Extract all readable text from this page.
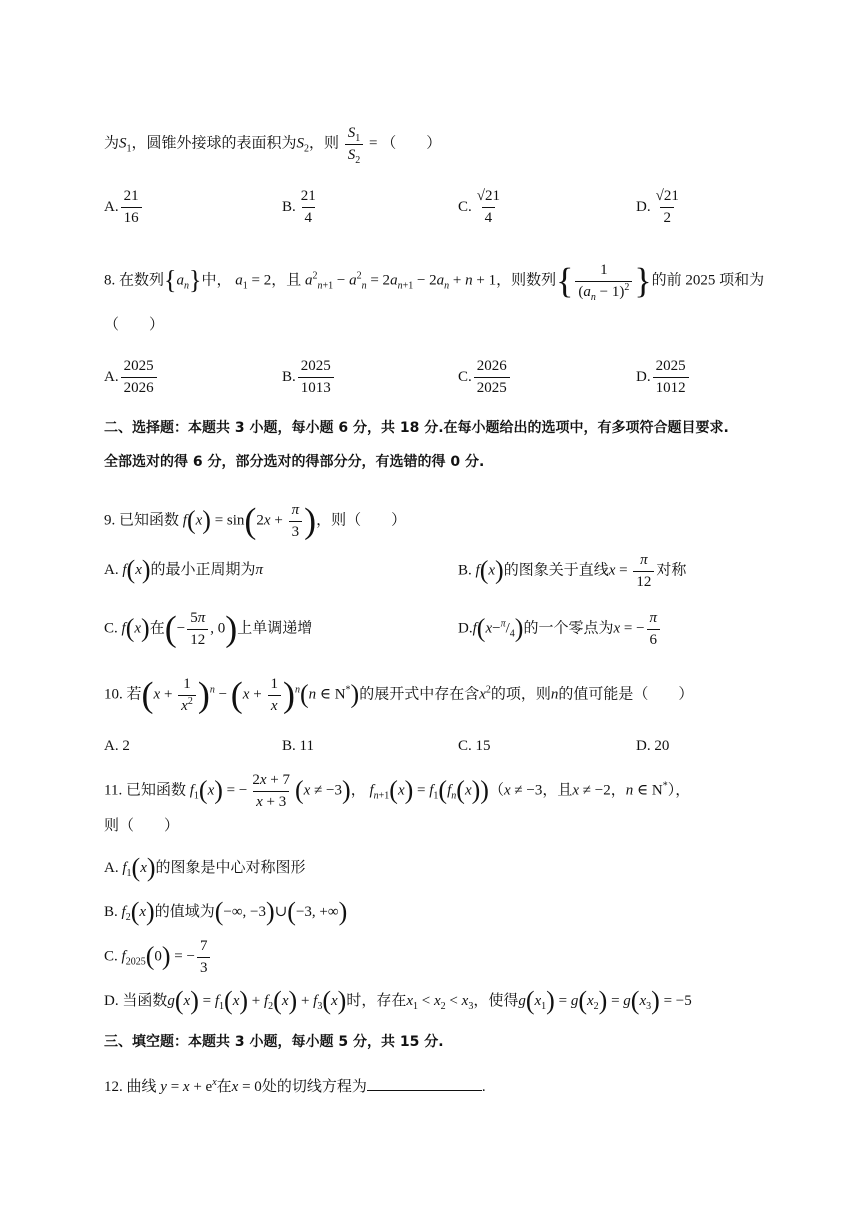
为$S_1$，圆锥外接球的表面积为$S_2$，则 $\frac{S_1}{S_2}$ = （　　）
A. $\frac{21}{16}$	B. $\frac{21}{4}$	C. $\frac{√21}{4}$	D. $\frac{√21}{2}$
8. 在数列$\{a_n\}$中， $a_1 = 2$，且 $a^2_{n+1} - a^2_n = 2a_{n+1} - 2a_n + n + 1$，则数列{ $\frac{1}{(a_n - 1)^2}$ }的前 2025 项和为
（　　）
A. $\frac{2025}{2026}$	B. $\frac{2025}{1013}$	C. $\frac{2026}{2025}$	D. $\frac{2025}{1012}$
二、选择题：本题共 3 小题，每小题 6 分，共 18 分.在每小题给出的选项中，有多项符合题目要求.
全部选对的得 6 分，部分选对的得部分分，有选错的得 0 分.
9. 已知函数 $f(x) = \sin(2x + \frac{\pi}{3}$ )，则（　　）
A. f(x)的最小正周期为π	B. f(x)的图象关于直线$x = \frac{\pi}{12}$ 对称
C. f(x)在(− $\frac{5\pi}{12}$ , 0)上单调递增	$D.f(x-^\pi/_4)$的一个零点为x = − $\frac{\pi}{6}$
10. 若$(x + \frac{1}{x^2} )^n - (x + \frac{1}{x} )^n(n$ ∈ N*)的展开式中存在含$x^2$的项，则n的值可能是（　　）
A. 2	B. 11	C. 15	D. 20
11. 已知函数 $f_1(x)$ = − $\frac{2x + 7}{x + 3} (x \ne -3)$， $f_{n+1}(x) = f_1(f_n(x))(x \ne -3$，且x ≠ −2，n ∈ N*），
则（　　）
A. $f_1(x)$的图象是中心对称图形
B. $f_2(x)$的值域为(−∞, −3)∪(−3, +∞)
C. $f_{2025}(0)$ = − $\frac{7}{3}$
D. 当函数$g(x) = f_1(x) + f_2(x) + f_3(x)$时，存在$x_1 < x_2 < x_3$，使得$g(x_1) = g(x_2) = g(x_3) = -5$
三、填空题：本题共 3 小题，每小题 5 分，共 15 分.
12. 曲线 $y = x + e^x$在x = 0处的切线方程为	.
